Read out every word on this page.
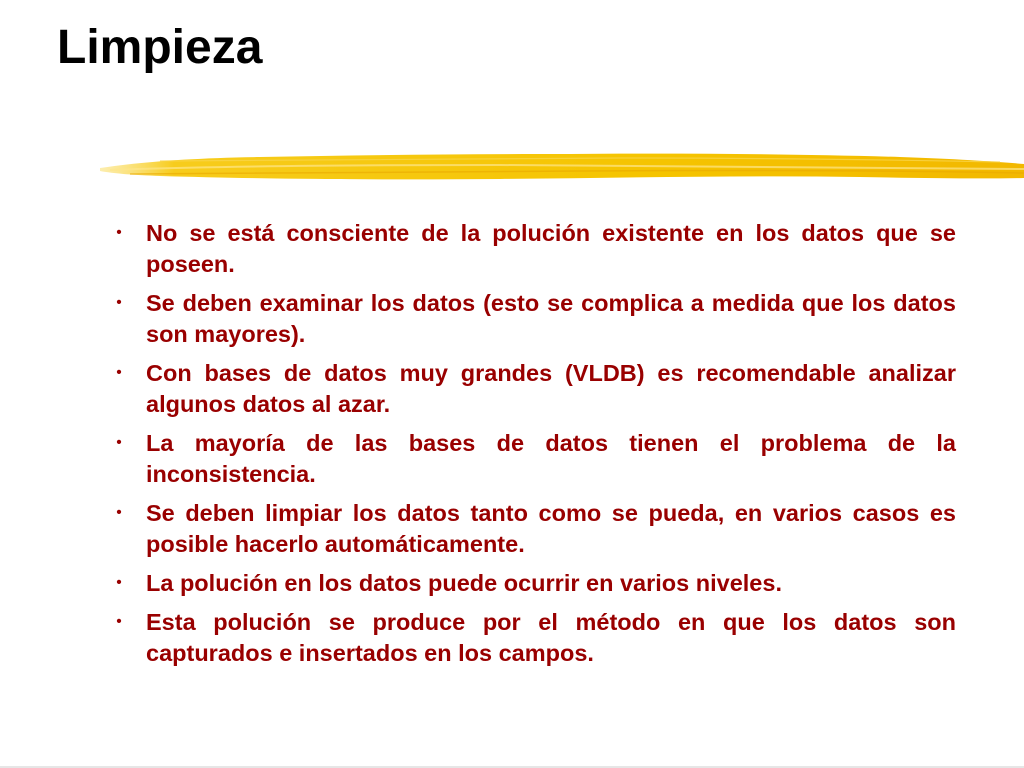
Limpieza
• No se está consciente de la polución existente en los datos que se poseen.
• Se deben examinar los datos (esto se complica a medida que los datos son mayores).
• Con bases de datos muy grandes (VLDB) es recomendable analizar algunos datos al azar.
• La mayoría de las bases de datos tienen el problema de la inconsistencia.
• Se deben limpiar los datos tanto como se pueda, en varios casos es posible hacerlo automáticamente.
• La polución en los datos puede ocurrir en varios niveles.
• Esta polución se produce por el método en que los datos son capturados e insertados en los campos.
